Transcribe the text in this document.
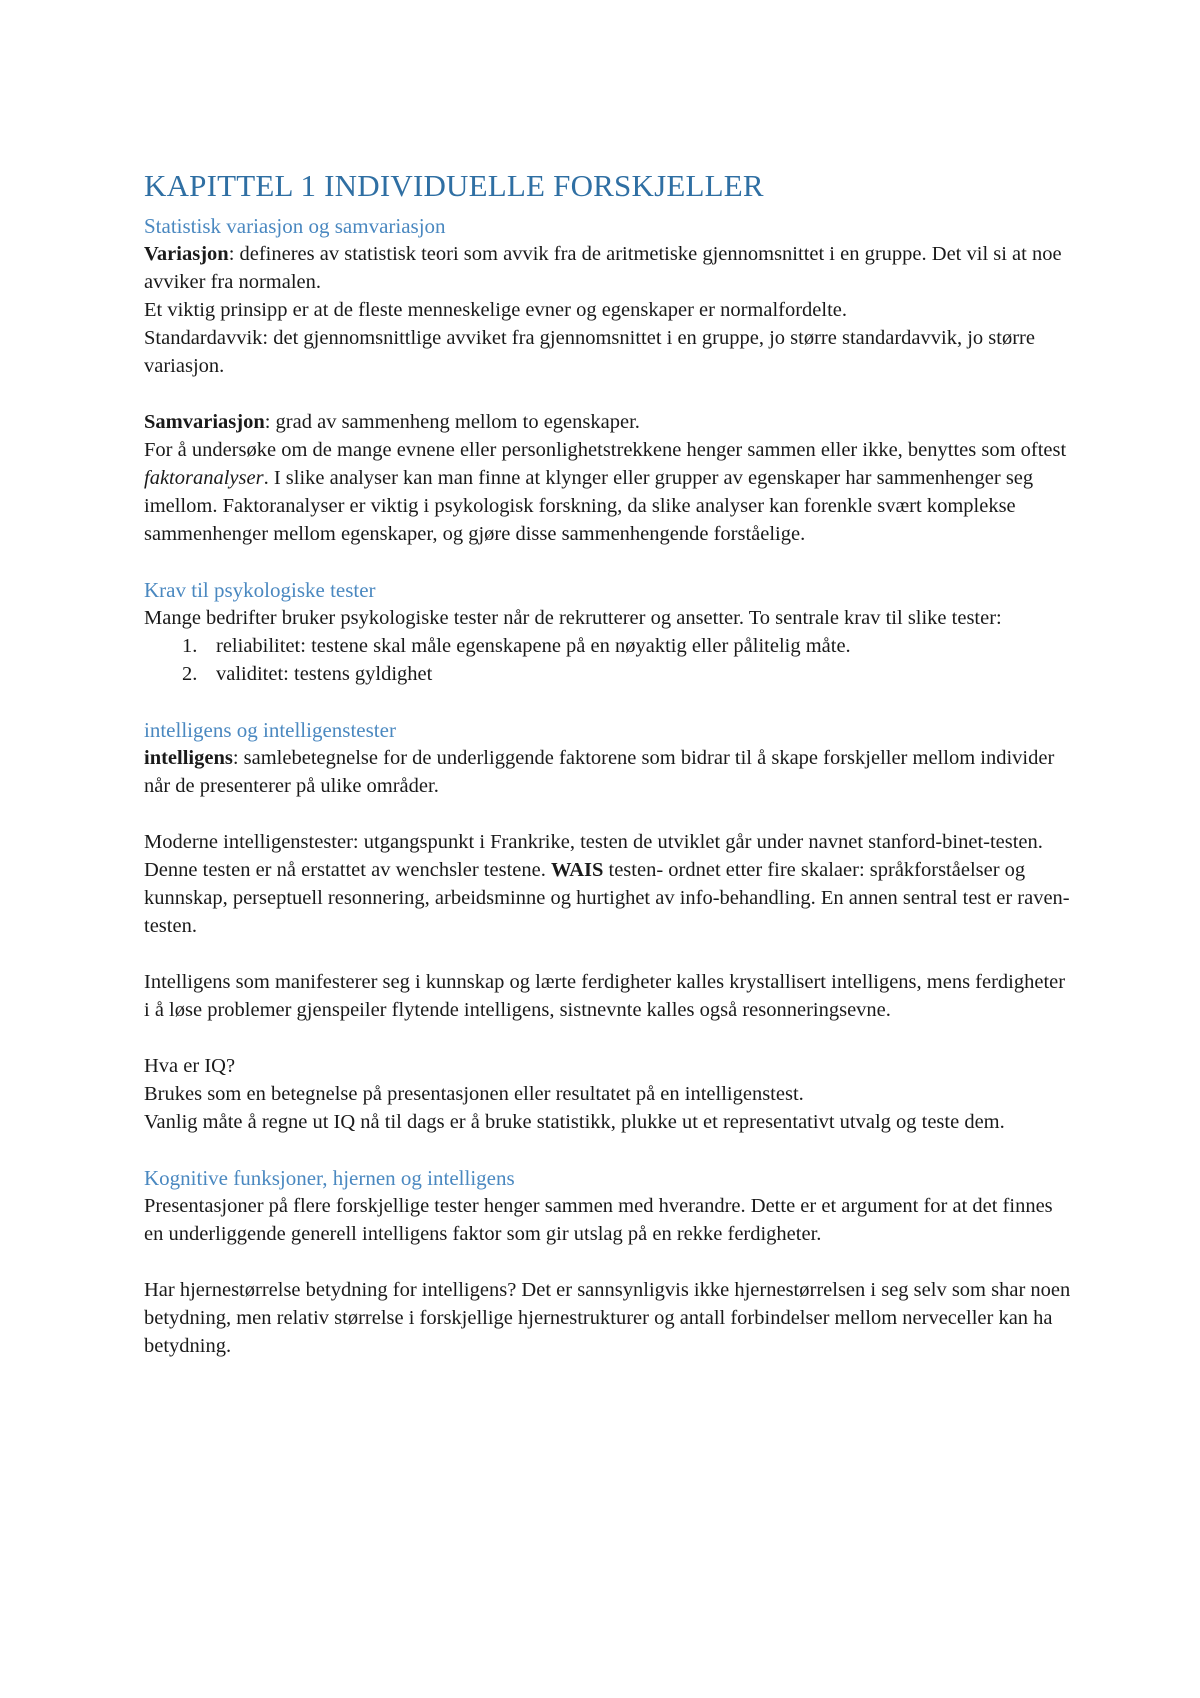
KAPITTEL 1 INDIVIDUELLE FORSKJELLER
Statistisk variasjon og samvariasjon

Variasjon: defineres av statistisk teori som avvik fra de aritmetiske gjennomsnittet i en gruppe. Det vil si at noe avviker fra normalen.

Et viktig prinsipp er at de fleste menneskelige evner og egenskaper er normalfordelte.

Standardavvik: det gjennomsnittlige avviket fra gjennomsnittet i en gruppe, jo større standardavvik, jo større variasjon.

Samvariasjon: grad av sammenheng mellom to egenskaper.

For å undersøke om de mange evnene eller personlighetstrekkene henger sammen eller ikke, benyttes som oftest faktoranalyser. I slike analyser kan man finne at klynger eller grupper av egenskaper har sammenhenger seg imellom. Faktoranalyser er viktig i psykologisk forskning, da slike analyser kan forenkle svært komplekse sammenhenger mellom egenskaper, og gjøre disse sammenhengende forståelige.

Krav til psykologiske tester

Mange bedrifter bruker psykologiske tester når de rekrutterer og ansetter. To sentrale krav til slike tester:

1. reliabilitet: testene skal måle egenskapene på en nøyaktig eller pålitelig måte.
2. validitet: testens gyldighet
intelligens og intelligenstester

intelligens: samlebetegnelse for de underliggende faktorene som bidrar til å skape forskjeller mellom individer når de presenterer på ulike områder.

Moderne intelligenstester: utgangspunkt i Frankrike, testen de utviklet går under navnet stanford-binet-testen. Denne testen er nå erstattet av wenchsler testene. WAIS testen- ordnet etter fire skalaer: språkforståelser og kunnskap, perseptuell resonnering, arbeidsminne og hurtighet av info-behandling. En annen sentral test er raven-testen.

Intelligens som manifesterer seg i kunnskap og lærte ferdigheter kalles krystallisert intelligens, mens ferdigheter i å løse problemer gjenspeiler flytende intelligens, sistnevnte kalles også resonneringsevne.

Hva er IQ?

Brukes som en betegnelse på presentasjonen eller resultatet på en intelligenstest.

Vanlig måte å regne ut IQ nå til dags er å bruke statistikk, plukke ut et representativt utvalg og teste dem.

Kognitive funksjoner, hjernen og intelligens

Presentasjoner på flere forskjellige tester henger sammen med hverandre. Dette er et argument for at det finnes en underliggende generell intelligens faktor som gir utslag på en rekke ferdigheter.

Har hjernestørrelse betydning for intelligens? Det er sannsynligvis ikke hjernestørrelsen i seg selv som shar noen betydning, men relativ størrelse i forskjellige hjernestrukturer og antall forbindelser mellom nerveceller kan ha betydning.
